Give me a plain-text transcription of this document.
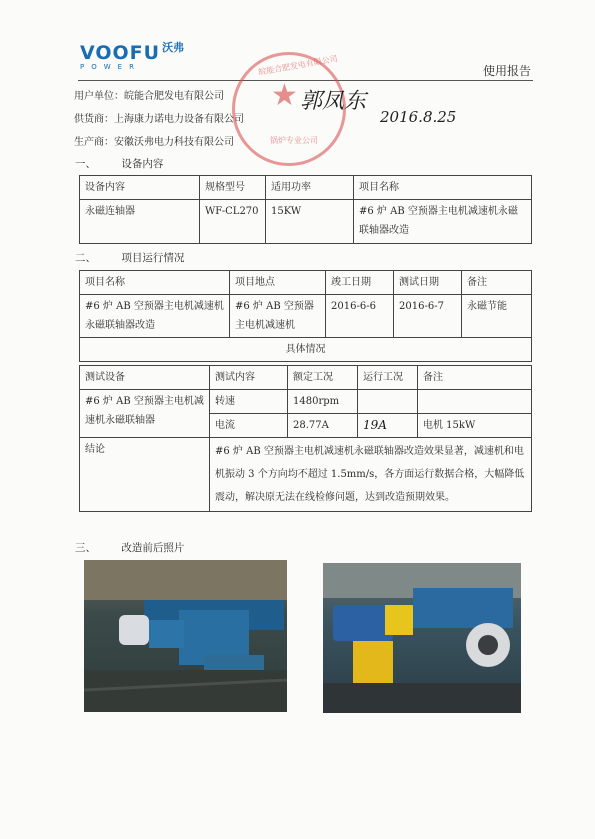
VOOFU 沃弗
POWER	使用报告
用户单位：皖能合肥发电有限公司
供货商：上海康力诺电力设备有限公司
生产商：安徽沃弗电力科技有限公司
皖能合肥发电有限公司
★
锅炉专业公司
郭凤东
2016.8.25
一、 设备内容
设备内容	规格型号	适用功率	项目名称
永磁连轴器	WF-CL270	15KW	#6 炉 AB 空预器主电机减速机永磁联轴器改造
二、 项目运行情况
项目名称	项目地点	竣工日期	测试日期	备注
#6 炉 AB 空预器主电机减速机永磁联轴器改造	#6 炉 AB 空预器主电机减速机	2016-6-6	2016-6-7	永磁节能
具体情况				
测试设备	测试内容	额定工况	运行工况	备注
#6 炉 AB 空预器主电机减速机永磁联轴器	转速	1480rpm		
	电流	28.77A	19A	电机 15kW
结论	#6 炉 AB 空预器主电机减速机永磁联轴器改造效果显著，减速机和电机振动 3 个方向均不超过 1.5mm/s，各方面运行数据合格，大幅降低震动，解决原无法在线检修问题，达到改造预期效果。			
三、 改造前后照片
